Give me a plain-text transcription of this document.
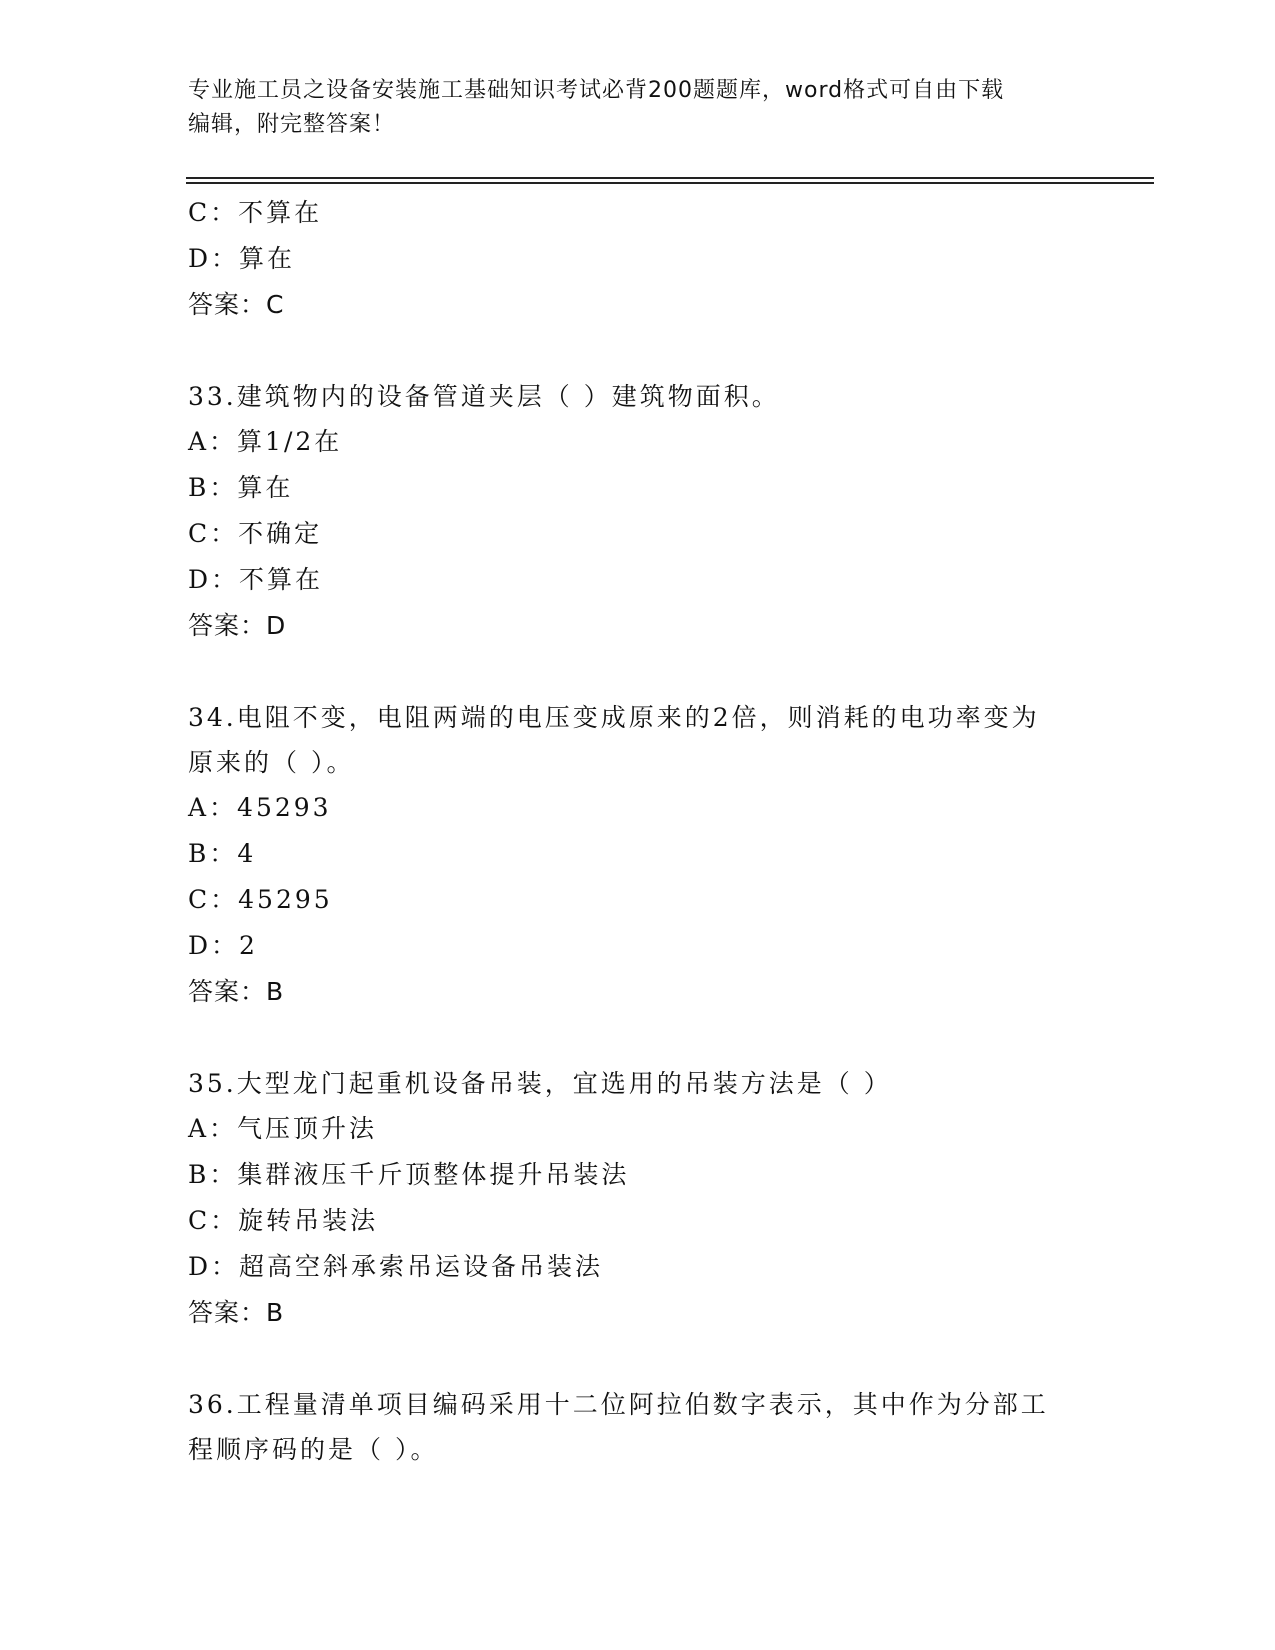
专业施工员之设备安装施工基础知识考试必背200题题库，word格式可自由下载
编辑，附完整答案！
C：不算在
D：算在
答案：C
33.建筑物内的设备管道夹层（ ）建筑物面积。
A：算1/2在
B：算在
C：不确定
D：不算在
答案：D
34.电阻不变，电阻两端的电压变成原来的2倍，则消耗的电功率变为
原来的（ ）。
A：45293
B：4
C：45295
D：2
答案：B
35.大型龙门起重机设备吊装，宜选用的吊装方法是（ ）
A：气压顶升法
B：集群液压千斤顶整体提升吊装法
C：旋转吊装法
D：超高空斜承索吊运设备吊装法
答案：B
36.工程量清单项目编码采用十二位阿拉伯数字表示，其中作为分部工
程顺序码的是（ ）。
